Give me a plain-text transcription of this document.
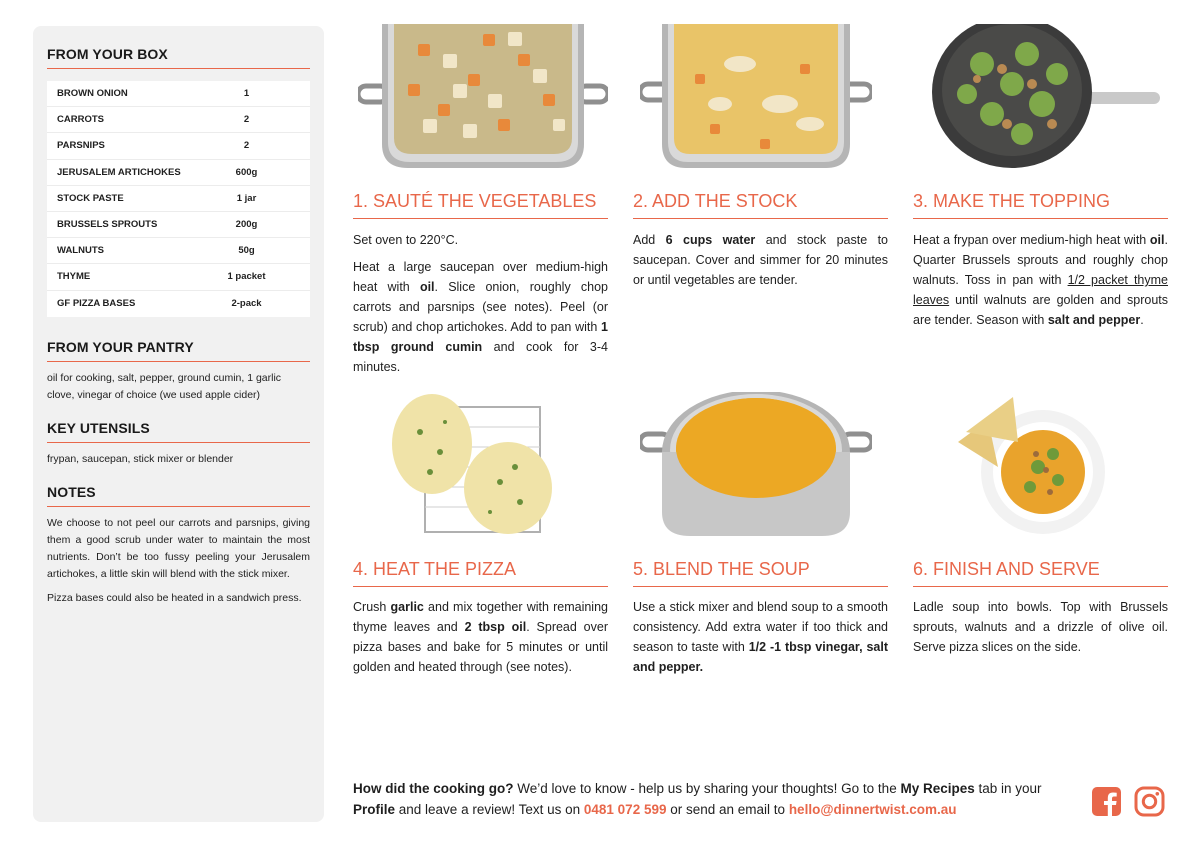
FROM YOUR BOX
BROWN ONION	1
CARROTS	2
PARSNIPS	2
JERUSALEM ARTICHOKES	600g
STOCK PASTE	1 jar
BRUSSELS SPROUTS	200g
WALNUTS	50g
THYME	1 packet
GF PIZZA BASES	2-pack
FROM YOUR PANTRY

oil for cooking, salt, pepper, ground cumin, 1 garlic clove, vinegar of choice (we used apple cider)

KEY UTENSILS

frypan, saucepan, stick mixer or blender

NOTES

We choose to not peel our carrots and parsnips, giving them a good scrub under water to maintain the most nutrients. Don’t be too fussy peeling your Jerusalem artichokes, a little skin will blend with the stick mixer.

Pizza bases could also be heated in a sandwich press.

1. SAUTÉ THE VEGETABLES

Set oven to 220°C.

Heat a large saucepan over medium-high heat with oil. Slice onion, roughly chop carrots and parsnips (see notes). Peel (or scrub) and chop artichokes. Add to pan with 1 tbsp ground cumin and cook for 3-4 minutes.

2. ADD THE STOCK

Add 6 cups water and stock paste to saucepan. Cover and simmer for 20 minutes or until vegetables are tender.

3. MAKE THE TOPPING

Heat a frypan over medium-high heat with oil. Quarter Brussels sprouts and roughly chop walnuts. Toss in pan with 1/2 packet thyme leaves until walnuts are golden and sprouts are tender. Season with salt and pepper.

4. HEAT THE PIZZA

Crush garlic and mix together with remaining thyme leaves and 2 tbsp oil. Spread over pizza bases and bake for 5 minutes or until golden and heated through (see notes).

5. BLEND THE SOUP

Use a stick mixer and blend soup to a smooth consistency. Add extra water if too thick and season to taste with 1/2 -1 tbsp vinegar, salt and pepper.

6. FINISH AND SERVE

Ladle soup into bowls. Top with Brussels sprouts, walnuts and a drizzle of olive oil. Serve pizza slices on the side.

How did the cooking go? We’d love to know - help us by sharing your thoughts! Go to the My Recipes tab in your Profile and leave a review! Text us on 0481 072 599 or send an email to hello@dinnertwist.com.au
